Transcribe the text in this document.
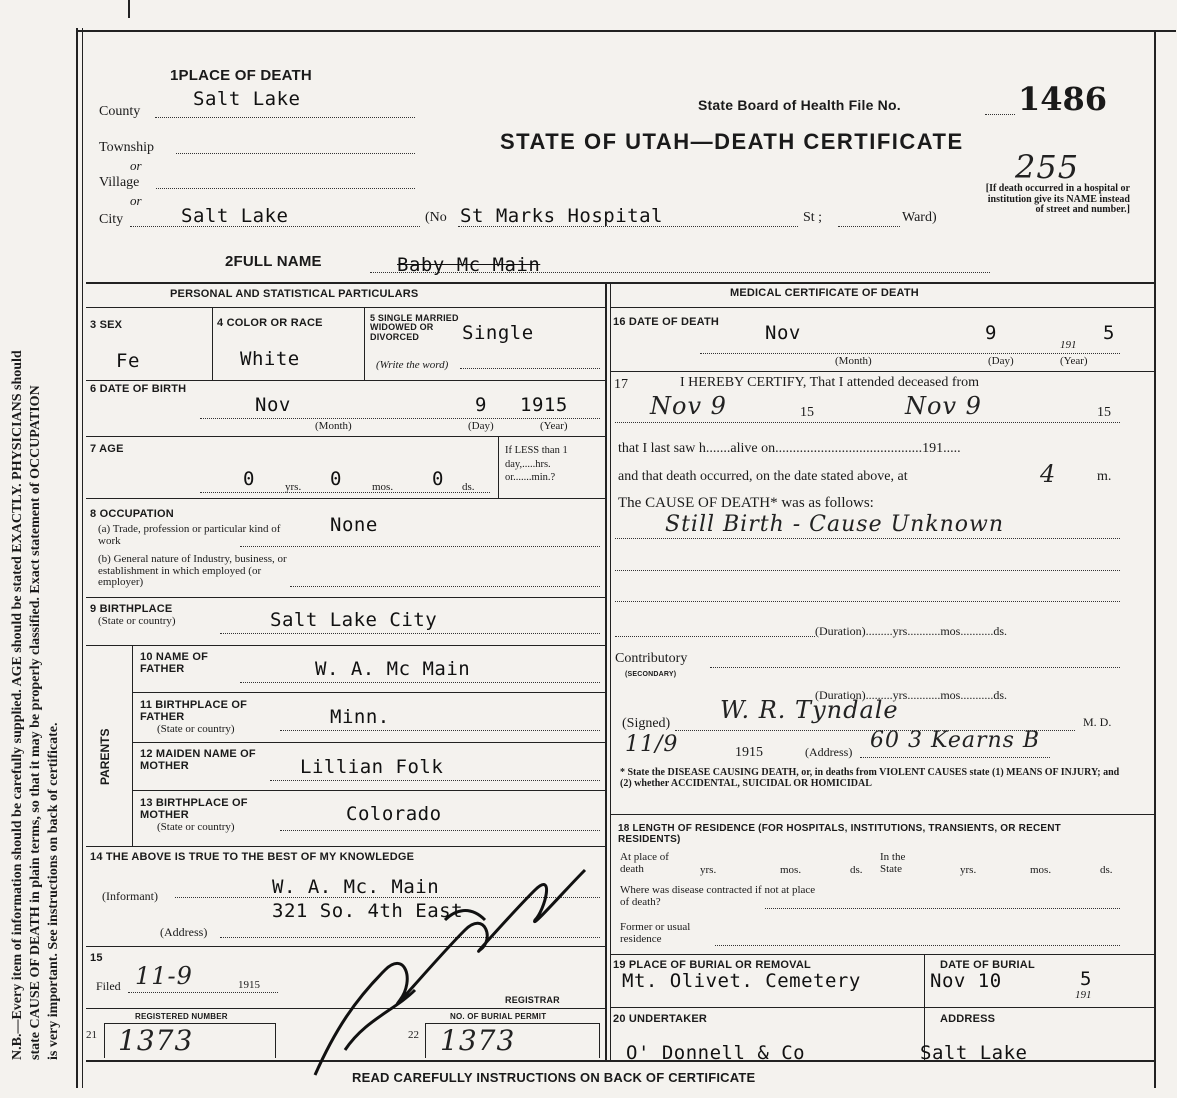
N.B.—Every item of information should be carefully supplied. AGE should be stated EXACTLY. PHYSICIANS should state CAUSE OF DEATH in plain terms, so that it may be properly classified. Exact statement of OCCUPATION is very important. See instructions on back of certificate.
1PLACE OF DEATH
County
Salt Lake
Township
or
Village
or
City	Salt Lake	(No St Marks Hospital	St ;	Ward)
State Board of Health File No.	1486
STATE OF UTAH—DEATH CERTIFICATE
255
[If death occurred in a hospital or institution give its NAME instead of street and number.]
2FULL NAME	Baby Mc Main
PERSONAL AND STATISTICAL PARTICULARS
3 SEX
Fe
4 COLOR OR RACE
White
5 SINGLE MARRIED WIDOWED OR DIVORCED	Single
(Write the word)
6 DATE OF BIRTH
Nov	9 1915
(Month)	(Day)	(Year)
7 AGE
0	yrs. 0	mos. 0 ds.
If LESS than 1 day,.....hrs. or.......min.?
8 OCCUPATION
(a) Trade, profession or particular kind of work
None
(b) General nature of Industry, business, or establishment in which employed (or employer)
9 BIRTHPLACE
(State or country)	Salt Lake City
PARENTS
10 NAME OF FATHER	W. A. Mc Main
11 BIRTHPLACE OF FATHER
(State or country)
Minn.
12 MAIDEN NAME OF MOTHER	Lillian Folk
13 BIRTHPLACE OF MOTHER
(State or country)
Colorado
14 THE ABOVE IS TRUE TO THE BEST OF MY KNOWLEDGE
(Informant)	W. A. Mc. Main
321 So. 4th East
(Address)
15
Filed 11-9	1915
REGISTRAR
21
REGISTERED NUMBER
1373	22
NO. OF BURIAL PERMIT
1373
MEDICAL CERTIFICATE OF DEATH
16 DATE OF DEATH Nov	9	5
(Month)	(Day)
191
(Year)
17	I HEREBY CERTIFY, That I attended deceased from
Nov 9	15	Nov 9	15
that I last saw h.......alive on..........................................191.....
and that death occurred, on the date stated above, at	4	m.
The CAUSE OF DEATH* was as follows:
Still Birth - Cause Unknown
(Duration).........yrs...........mos...........ds.
Contributory
(SECONDARY)
(Duration).........yrs...........mos...........ds.
(Signed) W. R. Tyndale	M. D.
11/9	1915	(Address) 60 3 Kearns B
* State the DISEASE CAUSING DEATH, or, in deaths from VIOLENT CAUSES state (1) MEANS OF INJURY; and (2) whether ACCIDENTAL, SUICIDAL OR HOMICIDAL
18 LENGTH OF RESIDENCE (FOR HOSPITALS, INSTITUTIONS, TRANSIENTS, OR RECENT RESIDENTS)
At place of death	yrs.	mos.	ds.
In the State	yrs.	mos.	ds.
Where was disease contracted if not at place of death?
Former or usual residence
19 PLACE OF BURIAL OR REMOVAL
Mt. Olivet. Cemetery
DATE OF BURIAL
Nov 10	5
191
20 UNDERTAKER
O' Donnell & Co
ADDRESS
Salt Lake
READ CAREFULLY INSTRUCTIONS ON BACK OF CERTIFICATE
